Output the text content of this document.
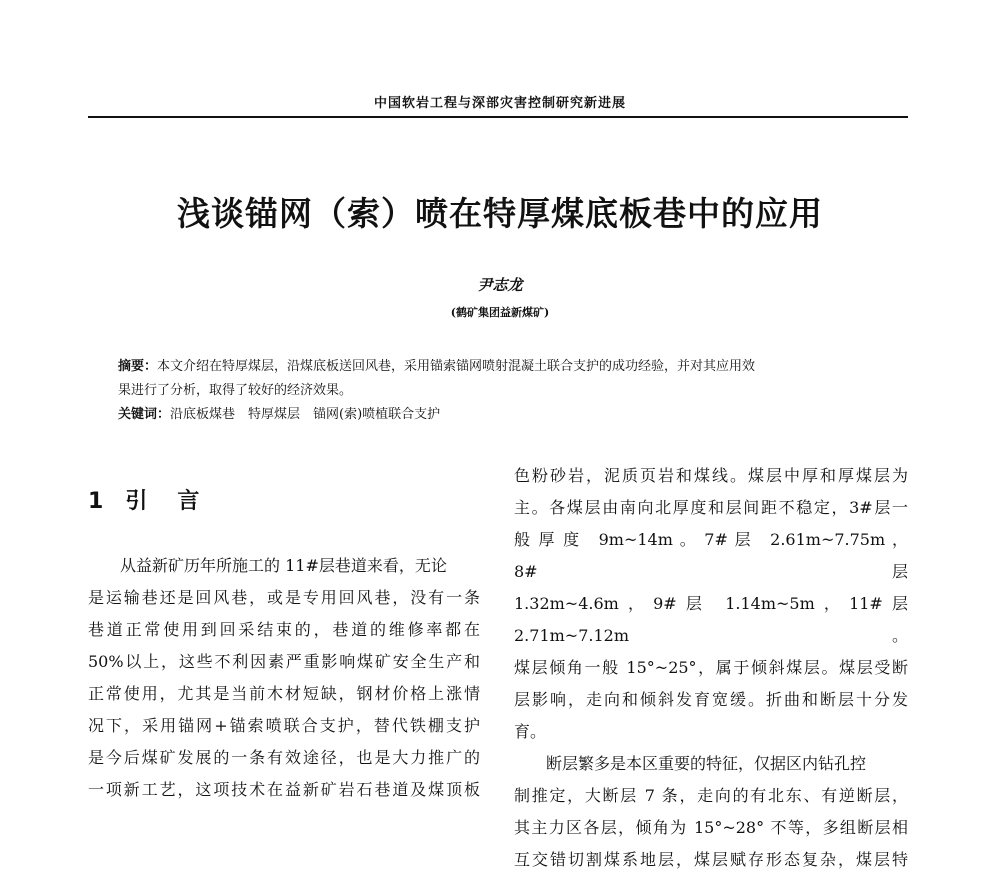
中国软岩工程与深部灾害控制研究新进展
浅谈锚网（索）喷在特厚煤底板巷中的应用
尹志龙
(鹤矿集团益新煤矿)
摘要：本文介绍在特厚煤层，沿煤底板送回风巷，采用锚索锚网喷射混凝土联合支护的成功经验，并对其应用效
果进行了分析，取得了较好的经济效果。
关键词：沿底板煤巷　特厚煤层　锚网(索)喷植联合支护
1 引　言

从益新矿历年所施工的 11#层巷道来看，无论

是运输巷还是回风巷，或是专用回风巷，没有一条

巷道正常使用到回采结束的，巷道的维修率都在

50%以上，这些不利因素严重影响煤矿安全生产和

正常使用，尤其是当前木材短缺，钢材价格上涨情

况下，采用锚网+锚索喷联合支护，替代铁棚支护

是今后煤矿发展的一条有效途径，也是大力推广的

一项新工艺，这项技术在益新矿岩石巷道及煤顶板

色粉砂岩，泥质页岩和煤线。煤层中厚和厚煤层为

主。各煤层由南向北厚度和层间距不稳定，3#层一

般 厚 度　9m~14m 。 7# 层　2.61m~7.75m ， 8# 层

1.32m~4.6m，9#层 1.14m~5m，11#层 2.71m~7.12m。

煤层倾角一般 15°~25°，属于倾斜煤层。煤层受断

层影响，走向和倾斜发育宽缓。折曲和断层十分发

育。

断层繁多是本区重要的特征，仅据区内钻孔控

制推定，大断层 7 条，走向的有北东、有逆断层，

其主力区各层，倾角为 15°~28° 不等，多组断层相

互交错切割煤系地层，煤层赋存形态复杂，煤层特
